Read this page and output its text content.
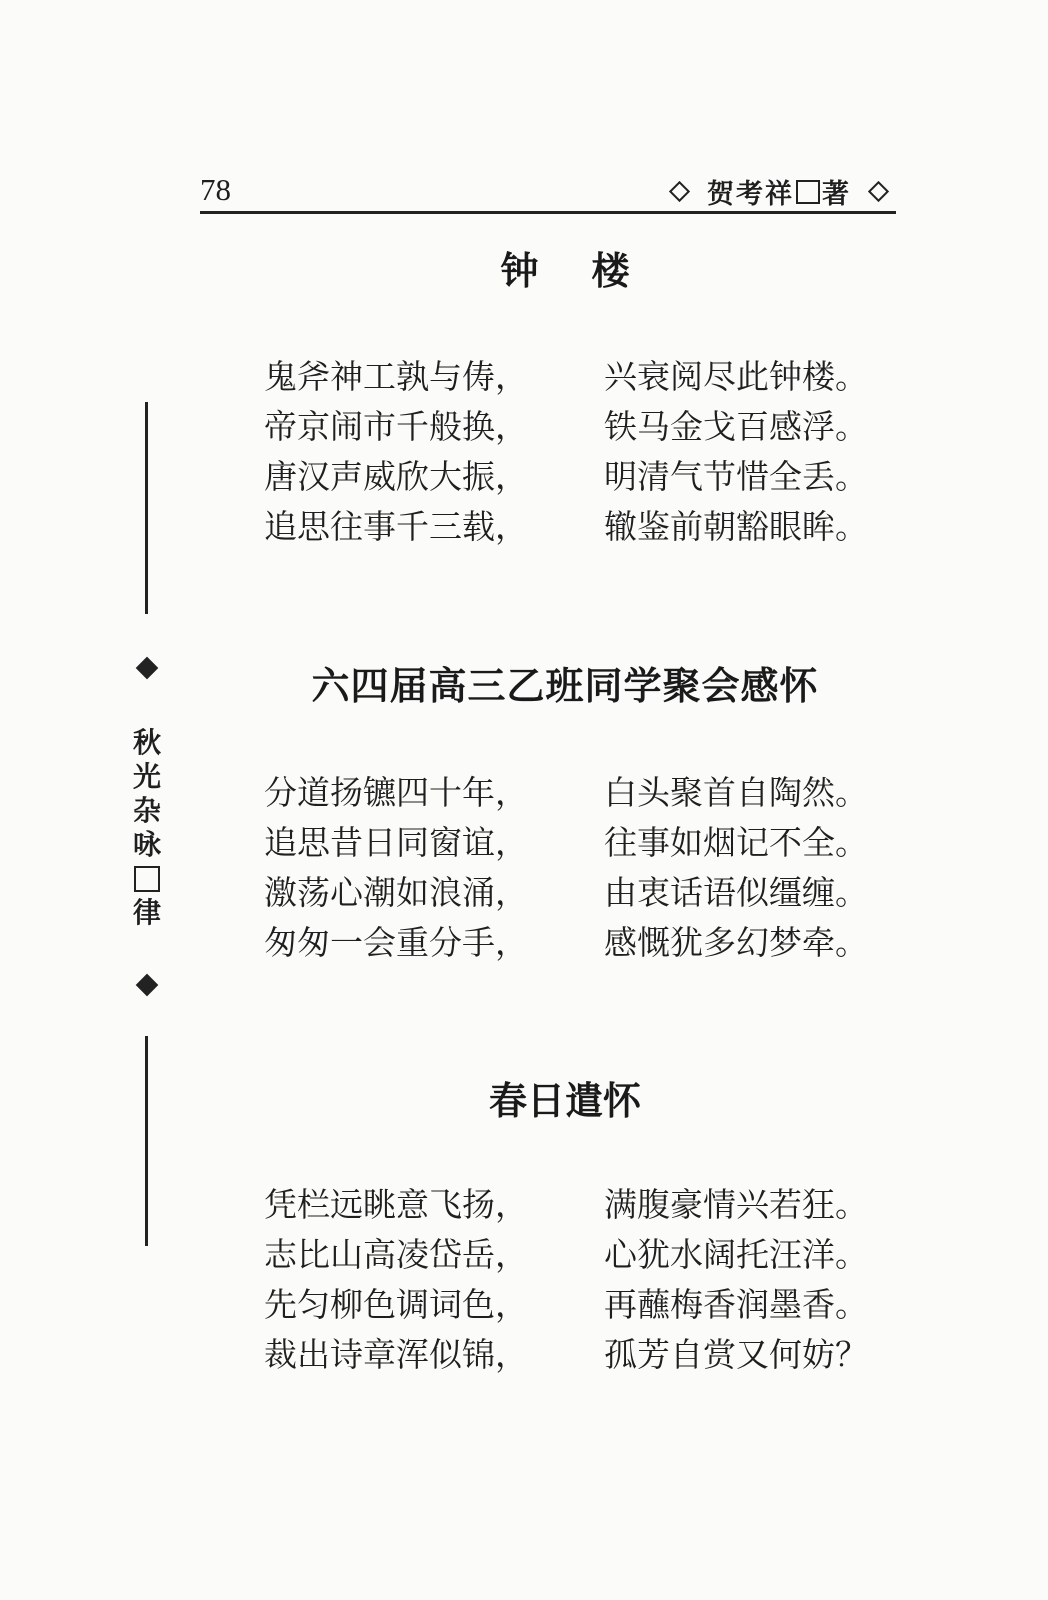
78	贺考祥 著
秋
光
杂
咏
律
钟    楼
鬼斧神工孰与俦，	兴衰阅尽此钟楼。
帝京闹市千般换，	铁马金戈百感浮。
唐汉声威欣大振，	明清气节惜全丢。
追思往事千三载，	辙鉴前朝豁眼眸。
六四届高三乙班同学聚会感怀
分道扬镳四十年，	白头聚首自陶然。
追思昔日同窗谊，	往事如烟记不全。
激荡心潮如浪涌，	由衷话语似缰缠。
匆匆一会重分手，	感慨犹多幻梦牵。
春日遣怀
凭栏远眺意飞扬，	满腹豪情兴若狂。
志比山高凌岱岳，	心犹水阔托汪洋。
先匀柳色调词色，	再蘸梅香润墨香。
裁出诗章浑似锦，	孤芳自赏又何妨？
